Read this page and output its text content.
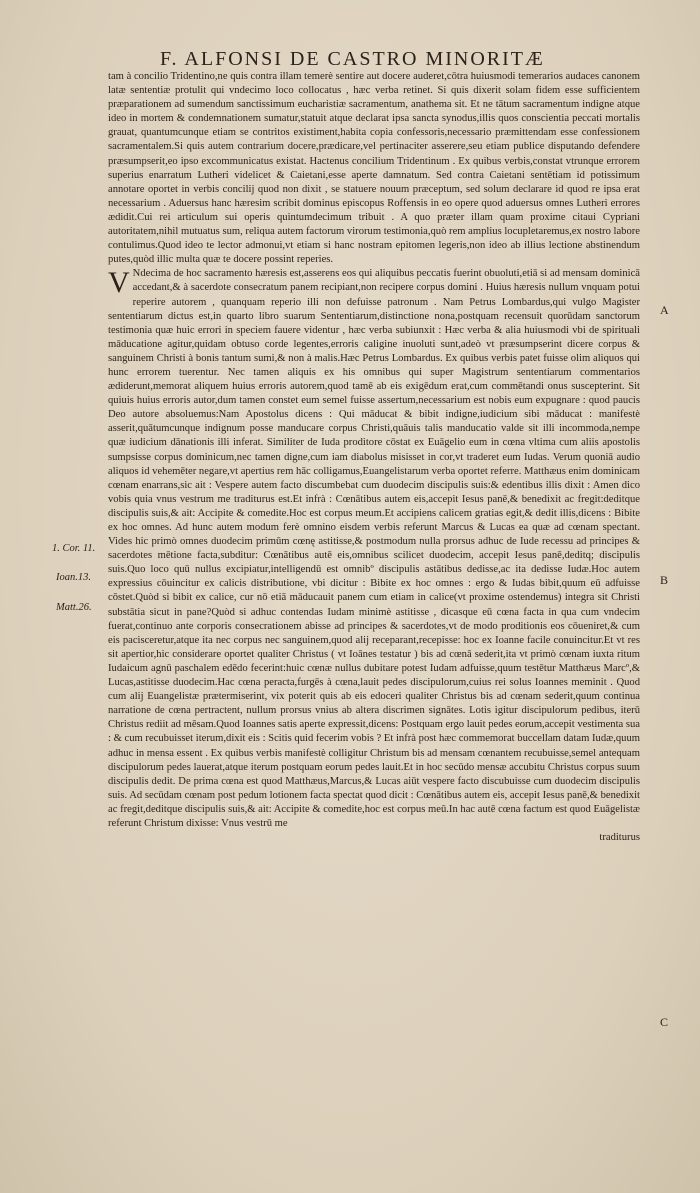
F. ALFONSI DE CASTRO MINORITÆ

tam à concilio Tridentino,ne quis contra illam temerè sentire aut docere auderet,cōtra huiusmodi temerarios audaces canonem latæ sententiæ protulit qui vndecimo loco collocatus , hæc verba retinet. Si quis dixerit solam fidem esse sufficientem præparationem ad sumendum sanctissimum eucharistiæ sacramentum, anathema sit. Et ne tātum sacramentum indigne atque ideo in mortem & condemnationem sumatur,statuit atque declarat ipsa sancta synodus,illis quos conscientia peccati mortalis grauat, quantumcunque etiam se contritos existiment,habita copia confessoris,necessario præmittendam esse confessionem sacramentalem.Si quis autem contrarium docere,prædicare,vel pertinaciter asserere,seu etiam publice disputando defendere præsumpserit,eo ipso excommunicatus existat. Hactenus concilium Tridentinum . Ex quibus verbis,constat vtrunque errorem superius enarratum Lutheri videlicet & Caietani,esse aperte damnatum. Sed contra Caietani sentētiam id potissimum annotare oportet in verbis concilij quod non dixit , se statuere nouum præceptum, sed solum declarare id quod re ipsa erat necessarium . Aduersus hanc hæresim scribit dominus episcopus Roffensis in eo opere quod aduersus omnes Lutheri errores ædidit.Cui rei articulum sui operis quintumdecimum tribuit . A quo præter illam quam proxime citaui Cypriani autoritatem,nihil mutuatus sum, reliqua autem factorum virorum testimonia,quò rem amplius locupletaremus,ex nostro labore contulimus.Quod ideo te lector admonui,vt etiam si hanc nostram epitomen legeris,non ideo ab illius lectione abstinendum putes,quòd illic multa quæ te docere possint reperies.

V Ndecima de hoc sacramento hæresis est,asserens eos qui aliquibus peccatis fuerint obuoluti,etiā si ad mensam dominicā accedant,& à sacerdote consecratum panem recipiant,non recipere corpus domini . Huius hæresis nullum vnquam potui reperire autorem , quanquam reperio illi non defuisse patronum . Nam Petrus Lombardus,qui vulgo Magister sententiarum dictus est,in quarto libro suarum Sententiarum,distinctione nona,postquam recensuit quorūdam sanctorum testimonia quæ huic errori in speciem fauere videntur , hæc verba subiunxit : Hæc verba & alia huiusmodi vbi de spirituali māducatione agitur,quidam obtuso corde legentes,erroris caligine inuoluti sunt,adeò vt præsumpserint dicere corpus & sanguinem Christi à bonis tantum sumi,& non à malis.Hæc Petrus Lombardus. Ex quibus verbis patet fuisse olim aliquos qui hunc errorem tuerentur. Nec tamen aliquis ex his omnibus qui super Magistrum sententiarum commentarios ædiderunt,memorat aliquem huius erroris autorem,quod tamē ab eis exigēdum erat,cum commētandi onus suscepterint. Sit quiuis huius erroris autor,dum tamen constet eum semel fuisse assertum,necessarium est nobis eum expugnare : quod paucis Deo autore absoluemus:Nam Apostolus dicens : Qui māducat & bibit indigne,iudicium sibi māducat : manifestè asserit,quātumcunque indignum posse manducare corpus Christi,quāuis talis manducatio valde sit illi incommoda,nempe quæ iudicium dānationis illi inferat. Similiter de Iuda proditore cōstat ex Euāgelio eum in cœna vltima cum aliis apostolis sumpsisse corpus dominicum,nec tamen digne,cum iam diabolus misisset in cor,vt traderet eum Iudas. Verum quoniā audio aliquos id vehemēter negare,vt apertius rem hāc colligamus,Euangelistarum verba oportet referre. Matthæus enim dominicam cœnam enarrans,sic ait : Vespere autem facto discumbebat cum duodecim discipulis suis:& edentibus illis dixit : Amen dico vobis quia vnus vestrum me traditurus est.Et infrà : Cœnātibus autem eis,accepit Iesus panē,& benedixit ac fregit:deditque discipulis suis,& ait: Accipite & comedite.Hoc est corpus meum.Et accipiens calicem gratias egit,& dedit illis,dicens : Bibite ex hoc omnes. Ad hunc autem modum ferè omnino eisdem verbis referunt Marcus & Lucas ea quæ ad cœnam spectant. Vides hic primò omnes duodecim primūm cœnę astitisse,& postmodum nulla prorsus adhuc de Iude recessu ad principes & sacerdotes mētione facta,subditur: Cœnātibus autē eis,omnibus scilicet duodecim, accepit Iesus panē,deditq; discipulis suis.Quo loco quū nullus excipiatur,intelligendū est omnibº discipulis astātibus dedisse,ac ita dedisse Iudæ.Hoc autem expressius cōuincitur ex calicis distributione, vbi dicitur : Bibite ex hoc omnes : ergo & Iudas bibit,quum eū adfuisse cōstet.Quòd si bibit ex calice, cur nō etiā māducauit panem cum etiam in calice(vt proxime ostendemus) integra sit Christi substātia sicut in pane?Quòd si adhuc contendas Iudam minimè astitisse , dicasque eū cœna facta in qua cum vndecim fuerat,continuo ante corporis consecrationem abisse ad principes & sacerdotes,vt de modo proditionis eos cōueniret,& cum eis pacisceretur,atque ita nec corpus nec sanguinem,quod alij receparant,recepisse: hoc ex Ioanne facile conuincitur.Et vt res sit apertior,hic considerare oportet qualiter Christus ( vt Ioānes testatur ) bis ad cœnā sederit,ita vt primò cœnam iuxta ritum Iudaicum agnū paschalem edēdo fecerint:huic cœnæ nullus dubitare potest Iudam adfuisse,quum testētur Matthæus Marcº,& Lucas,astitisse duodecim.Hac cœna peracta,furgēs à cœna,lauit pedes discipulorum,cuius rei solus Ioannes meminit . Quod cum alij Euangelistæ prætermiserint, vix poterit quis ab eis edoceri qualiter Christus bis ad cœnam sederit,quum continua narratione de cœna pertractent, nullum prorsus vnius ab altera discrimen signātes. Lotis igitur discipulorum pedibus, iterū Christus rediit ad mēsam.Quod Ioannes satis aperte expressit,dicens: Postquam ergo lauit pedes eorum,accepit vestimenta sua : & cum recubuisset iterum,dixit eis : Scitis quid fecerim vobis ? Et infrà post hæc commemorat buccellam datam Iudæ,quum adhuc in mensa essent . Ex quibus verbis manifestè colligitur Christum bis ad mensam cœnantem recubuisse,semel antequam discipulorum pedes lauerat,atque iterum postquam eorum pedes lauit.Et in hoc secūdo mensæ accubitu Christus corpus suum discipulis dedit. De prima cœna est quod Matthæus,Marcus,& Lucas aiūt vespere facto discubuisse cum duodecim discipulis suis. Ad secūdam cœnam post pedum lotionem facta spectat quod dicit : Cœnātibus autem eis, accepit Iesus panē,& benedixit ac fregit,deditque discipulis suis,& ait: Accipite & comedite,hoc est corpus meū.In hac autē cœna factum est quod Euāgelistæ referunt Christum dixisse: Vnus vestrū me

traditurus
1. Cor. 11.
Ioan.13.
Matt.26.
A
B
C
